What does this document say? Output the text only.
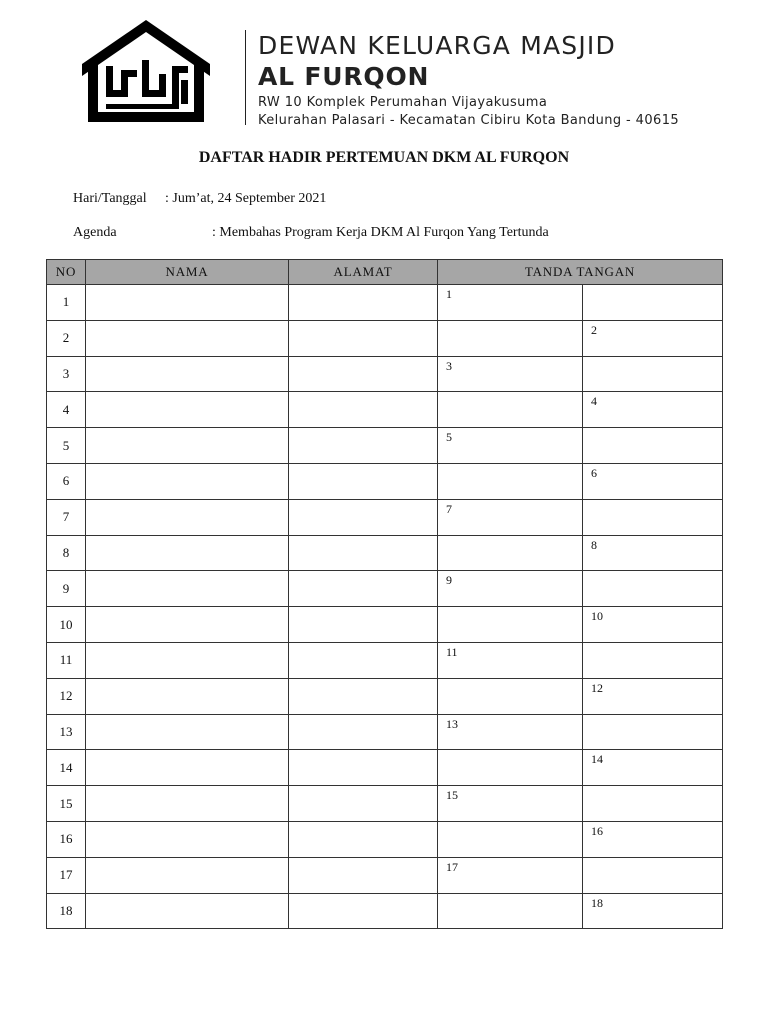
DEWAN KELUARGA MASJID
AL FURQON
RW 10 Komplek Perumahan Vijayakusuma
Kelurahan Palasari - Kecamatan Cibiru Kota Bandung - 40615
DAFTAR HADIR PERTEMUAN DKM AL FURQON
Hari/Tanggal : Jum’at, 24 September 2021
Agenda	: Membahas Program Kerja DKM Al Furqon Yang Tertunda
NO	NAMA	ALAMAT	TANDA TANGAN	
1			1	
2				2
3			3	
4				4
5			5	
6				6
7			7	
8				8
9			9	
10				10
11			11	
12				12
13			13	
14				14
15			15	
16				16
17			17	
18				18
